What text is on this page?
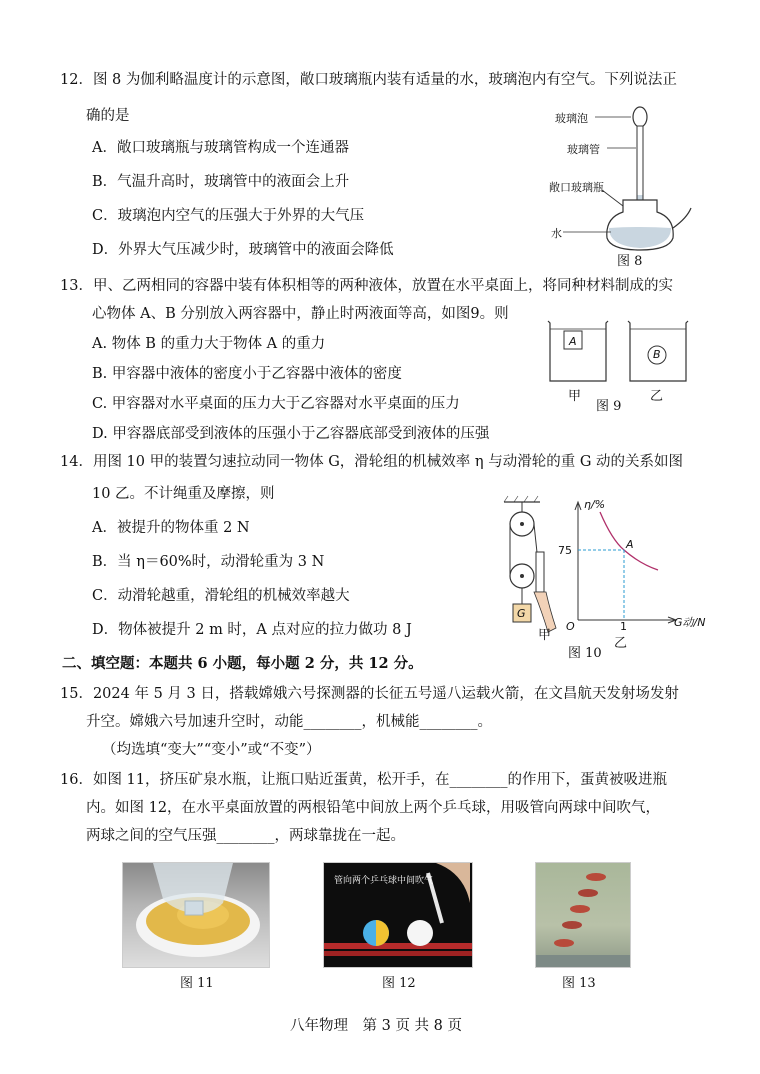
12．图 8 为伽利略温度计的示意图，敞口玻璃瓶内装有适量的水，玻璃泡内有空气。下列说法正
确的是
A．敞口玻璃瓶与玻璃管构成一个连通器
B．气温升高时，玻璃管中的液面会上升
C．玻璃泡内空气的压强大于外界的大气压
D．外界大气压减少时，玻璃管中的液面会降低
玻璃泡
玻璃管
敞口玻璃瓶
水
图 8
13．甲、乙两相同的容器中装有体积相等的两种液体，放置在水平桌面上，将同种材料制成的实
心物体 A、B 分别放入两容器中，静止时两液面等高，如图9。则
A. 物体 B 的重力大于物体 A 的重力
B. 甲容器中液体的密度小于乙容器中液体的密度
C. 甲容器对水平桌面的压力大于乙容器对水平桌面的压力
D. 甲容器底部受到液体的压强小于乙容器底部受到液体的压强
A
B
甲
图 9
乙
14．用图 10 甲的装置匀速拉动同一物体 G，滑轮组的机械效率 η 与动滑轮的重 G 动的关系如图
10 乙。不计绳重及摩擦，则
A．被提升的物体重 2 N
B．当 η＝60%时，动滑轮重为 3 N
C．动滑轮越重，滑轮组的机械效率越大
D．物体被提升 2 m 时，A 点对应的拉力做功 8 J
G
甲
η/%
75	A
O	1	G动/N
乙
图 10
二、填空题：本题共 6 小题，每小题 2 分，共 12 分。
15．2024 年 5 月 3 日，搭载嫦娥六号探测器的长征五号遥八运载火箭，在文昌航天发射场发射
升空。嫦娥六号加速升空时，动能________，机械能________。
（均选填“变大”“变小”或“不变”）
16．如图 11，挤压矿泉水瓶，让瓶口贴近蛋黄，松开手，在________的作用下，蛋黄被吸进瓶
内。如图 12，在水平桌面放置的两根铅笔中间放上两个乒乓球，用吸管向两球中间吹气，
两球之间的空气压强________，两球靠拢在一起。
图 11
管向两个乒乓球中间吹气
图 12	图 13
八年物理　第 3 页 共 8 页
